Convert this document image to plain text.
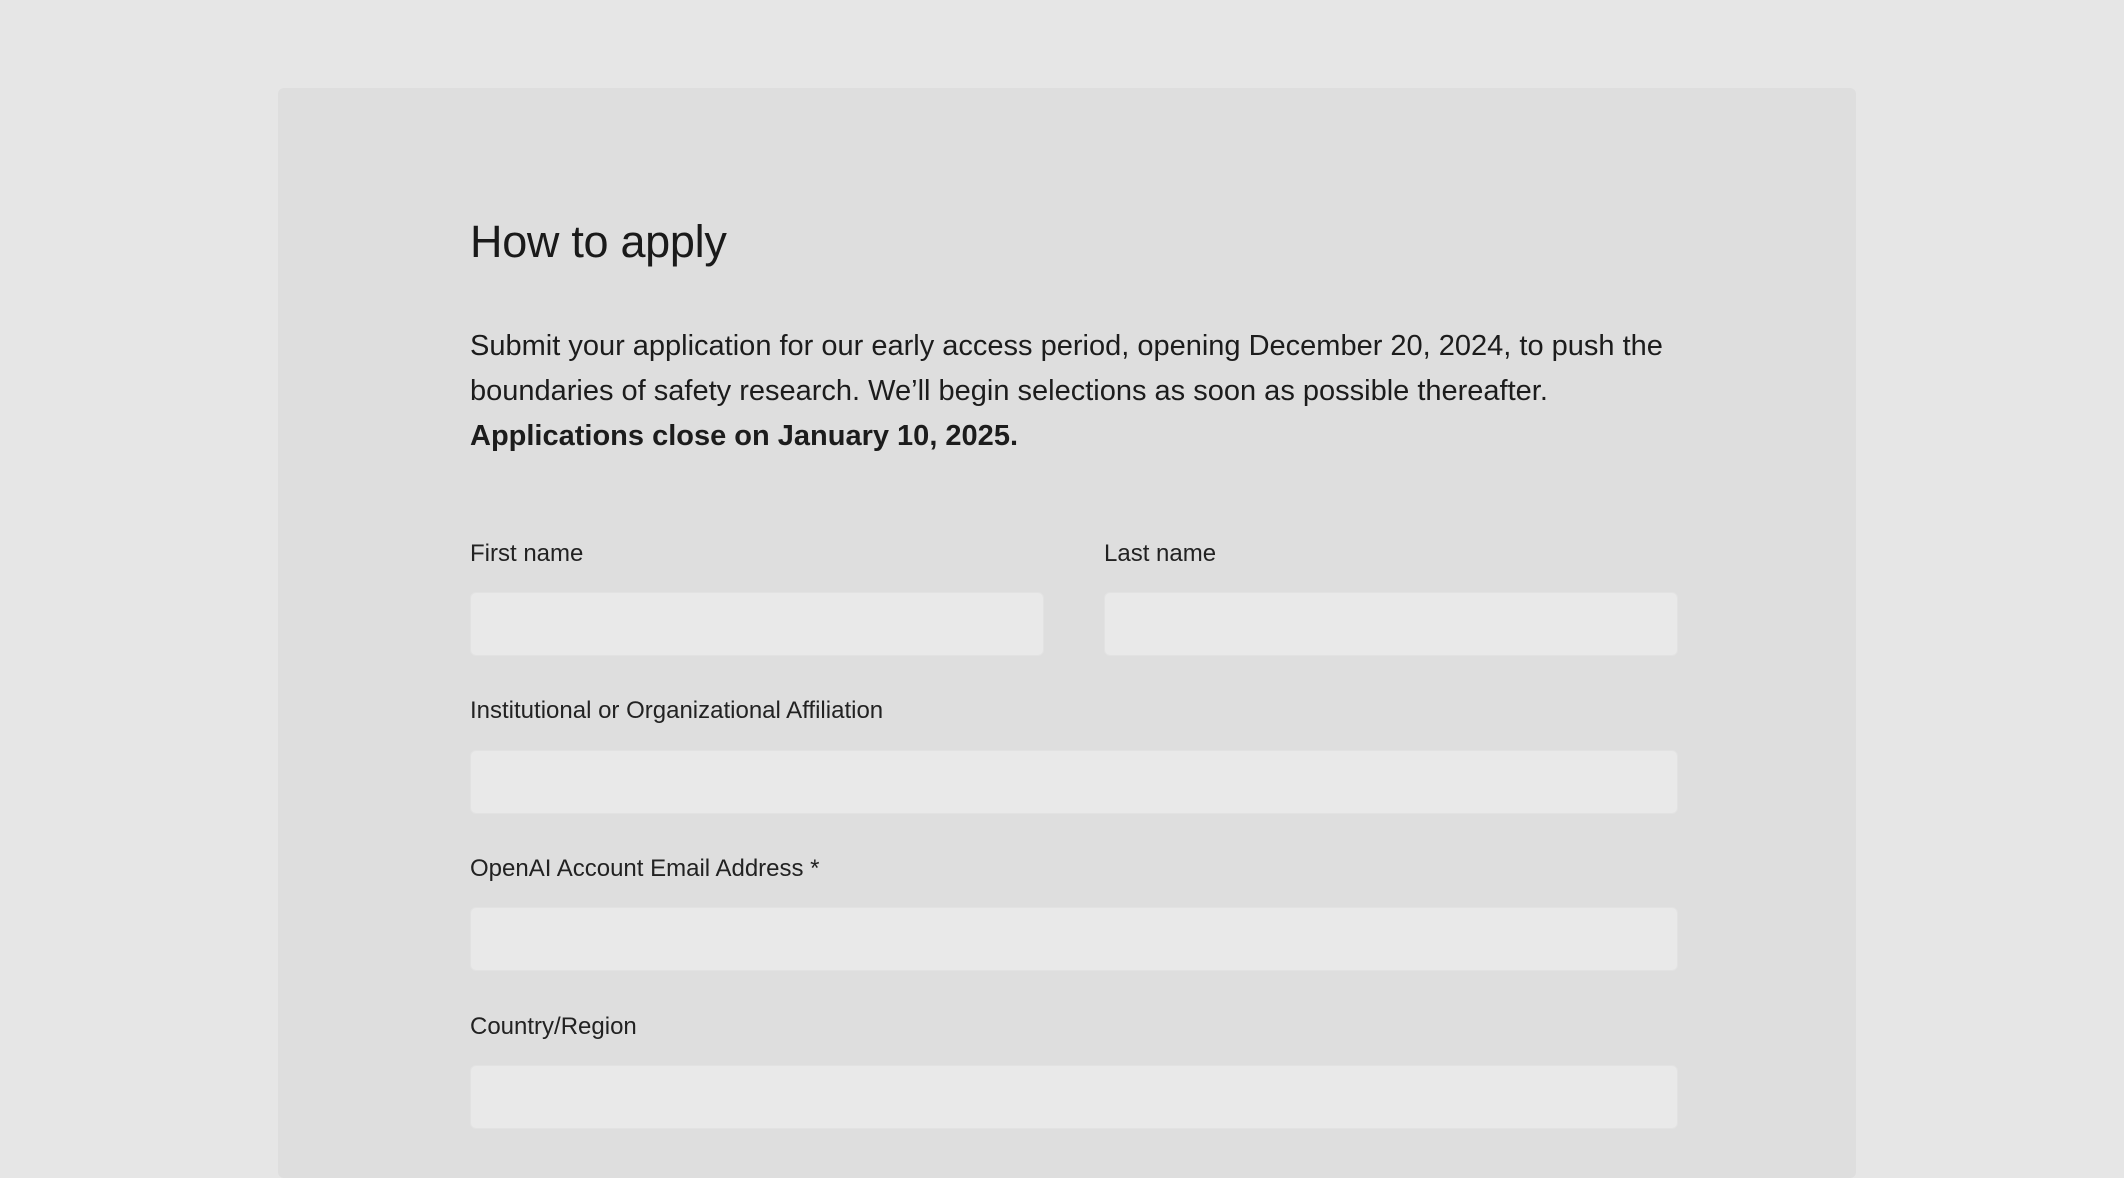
How to apply

Submit your application for our early access period, opening December 20, 2024, to push the boundaries of safety research. We’ll begin selections as soon as possible thereafter.
Applications close on January 10, 2025.

First name	Last name
Institutional or Organizational Affiliation
OpenAI Account Email Address *
Country/Region
